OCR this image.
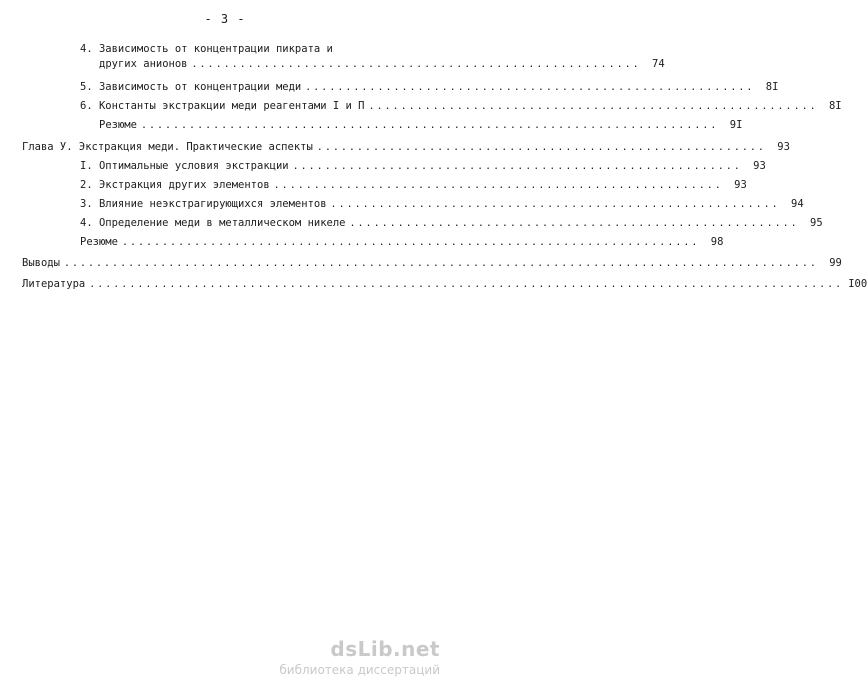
- 3 -
4. Зависимость от концентрации пикрата и
других анионов ........................................................	74
5. Зависимость от концентрации меди ........................................................	8I
6. Константы экстракции меди реагентами I и П ........................................................	8I
Резюме ........................................................................	9I
Глава У. Экстракция меди. Практические аспекты ........................................................	93
I. Оптимальные условия экстракции ........................................................	93
2. Экстракция других элементов ........................................................	93
3. Влияние неэкстрагирующихся элементов ........................................................	94
4. Определение меди в металлическом никеле ........................................................	95
Резюме ........................................................................	98
Выводы ..............................................................................................	99
Литература .............................................................................................. I00
dsLib.net
библиотека диссертаций
